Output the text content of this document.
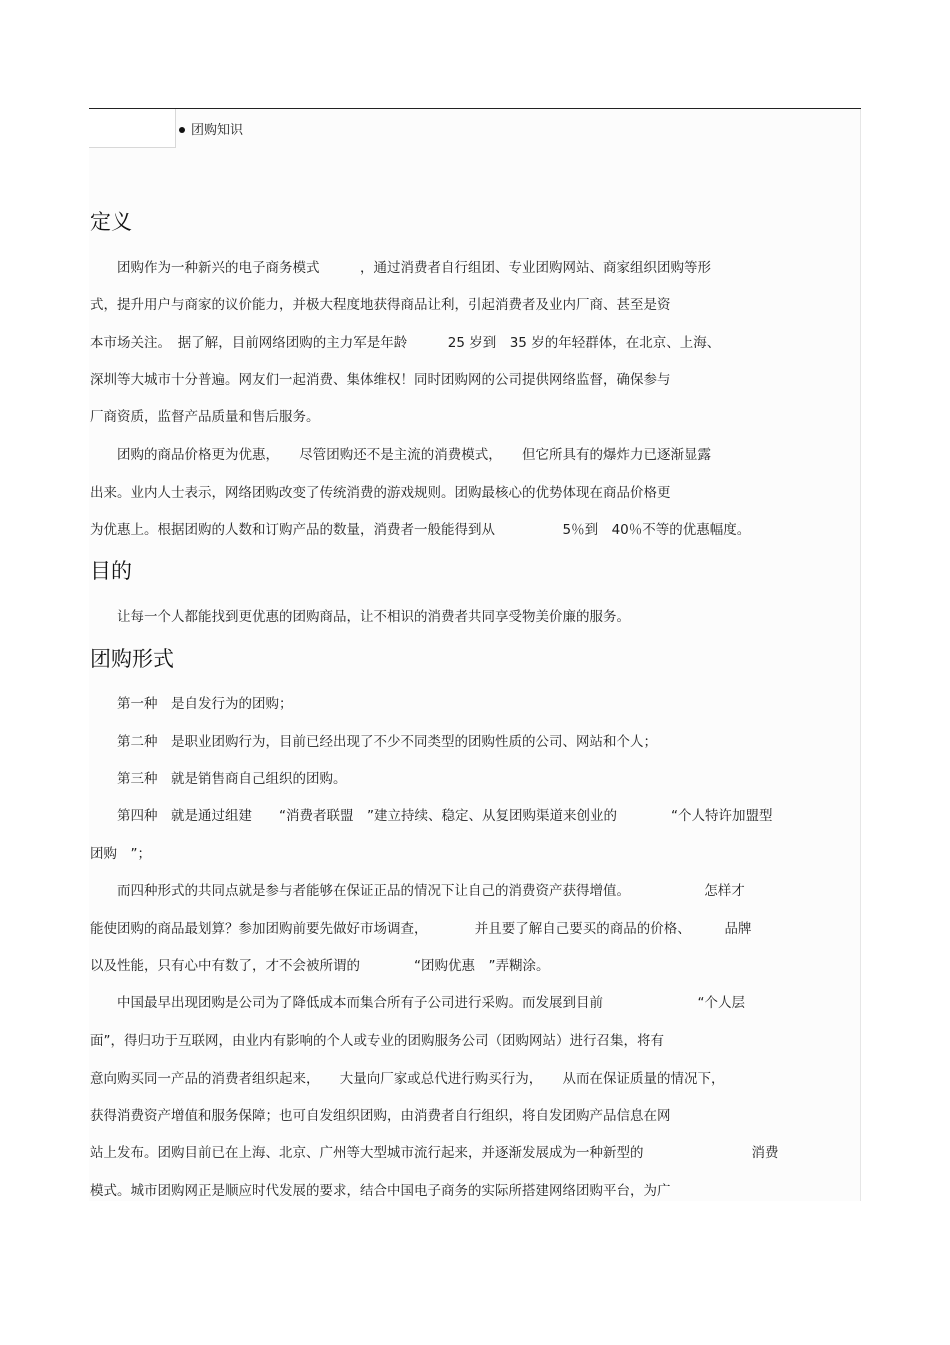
团购知识
定义

　　团购作为一种新兴的电子商务模式　　　，通过消费者自行组团、专业团购网站、商家组织团购等形

式，提升用户与商家的议价能力，并极大程度地获得商品让利，引起消费者及业内厂商、甚至是资

本市场关注。　据了解，目前网络团购的主力军是年龄　　　25 岁到　35 岁的年轻群体，在北京、上海、

深圳等大城市十分普遍。网友们一起消费、集体维权！同时团购网的公司提供网络监督，确保参与

厂商资质，监督产品质量和售后服务。

　　团购的商品价格更为优惠，　　尽管团购还不是主流的消费模式，　　但它所具有的爆炸力已逐渐显露

出来。业内人士表示，网络团购改变了传统消费的游戏规则。团购最核心的优势体现在商品价格更

为优惠上。根据团购的人数和订购产品的数量，消费者一般能得到从　　　　　5％到　40％不等的优惠幅度。

目的

　　让每一个人都能找到更优惠的团购商品，让不相识的消费者共同享受物美价廉的服务。

团购形式

　　第一种　是自发行为的团购；

　　第二种　是职业团购行为，目前已经出现了不少不同类型的团购性质的公司、网站和个人；

　　第三种　就是销售商自己组织的团购。

　　第四种　就是通过组建　　“消费者联盟　”建立持续、稳定、从复团购渠道来创业的　　　　“个人特许加盟型

团购　”；

　　而四种形式的共同点就是参与者能够在保证正品的情况下让自己的消费资产获得增值。　　　　　　怎样才

能使团购的商品最划算？参加团购前要先做好市场调查，　　　　并且要了解自己要买的商品的价格、　　　品牌

以及性能，只有心中有数了，才不会被所谓的　　　　“团购优惠　”弄糊涂。

　　中国最早出现团购是公司为了降低成本而集合所有子公司进行采购。而发展到目前　　　　　　　“个人层

面”，得归功于互联网，由业内有影响的个人或专业的团购服务公司（团购网站）进行召集，将有

意向购买同一产品的消费者组织起来，　　大量向厂家或总代进行购买行为，　　从而在保证质量的情况下，

获得消费资产增值和服务保障；也可自发组织团购，由消费者自行组织，将自发团购产品信息在网

站上发布。团购目前已在上海、北京、广州等大型城市流行起来，并逐渐发展成为一种新型的　　　　　　　　消费

模式。城市团购网正是顺应时代发展的要求，结合中国电子商务的实际所搭建网络团购平台，为广
